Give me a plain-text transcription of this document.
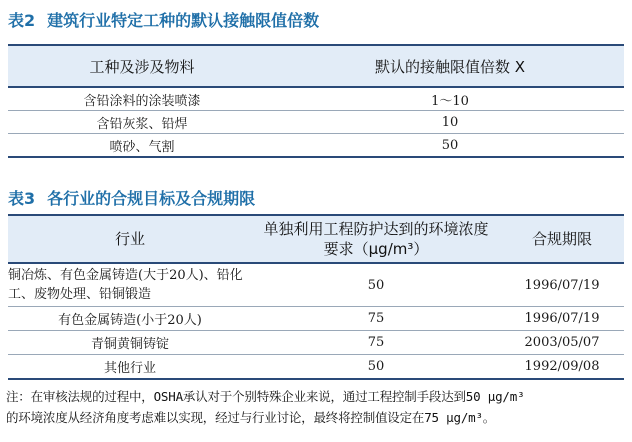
表2 建筑行业特定工种的默认接触限值倍数
工种及涉及物料	默认的接触限值倍数 X
含铅涂料的涂装喷漆	1～10
含铅灰浆、铅焊	10
喷砂、气割	50
表3 各行业的合规目标及合规期限
行业	单独利用工程防护达到的环境浓度要求（μg/m³）	合规期限
铜冶炼、有色金属铸造(大于20人)、铅化工、废物处理、铅铜锻造	50	1996/07/19
有色金属铸造(小于20人)	75	1996/07/19
青铜黄铜铸锭	75	2003/05/07
其他行业	50	1992/09/08
注：在审核法规的过程中，OSHA承认对于个别特殊企业来说，通过工程控制手段达到50 μg/m³
的环境浓度从经济角度考虑难以实现，经过与行业讨论，最终将控制值设定在75 μg/m³。
